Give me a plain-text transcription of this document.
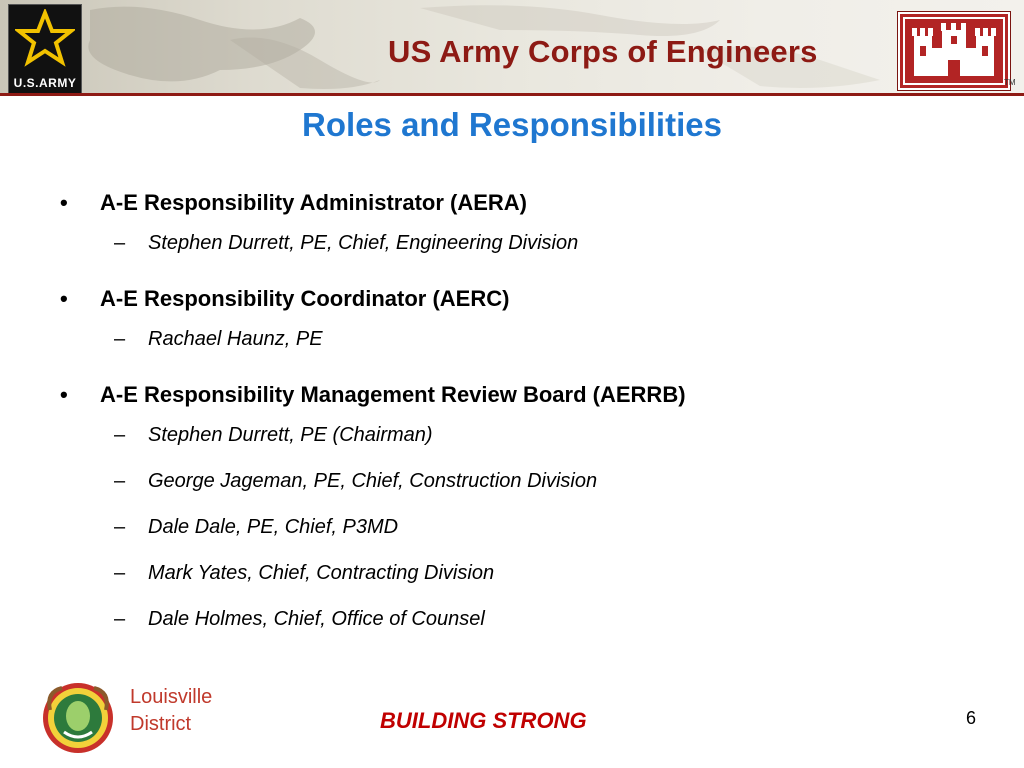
U.S.ARMY
US Army Corps of Engineers
TM
Roles and Responsibilities
• A-E Responsibility Administrator (AERA)
– Stephen Durrett, PE, Chief, Engineering Division
• A-E Responsibility Coordinator (AERC)
– Rachael Haunz, PE
• A-E Responsibility Management Review Board (AERRB)
– Stephen Durrett, PE (Chairman)
– George Jageman, PE, Chief, Construction Division
– Dale Dale, PE, Chief, P3MD
– Mark Yates, Chief, Contracting Division
– Dale Holmes, Chief, Office of Counsel
Louisville
District	BUILDING STRONG	6
